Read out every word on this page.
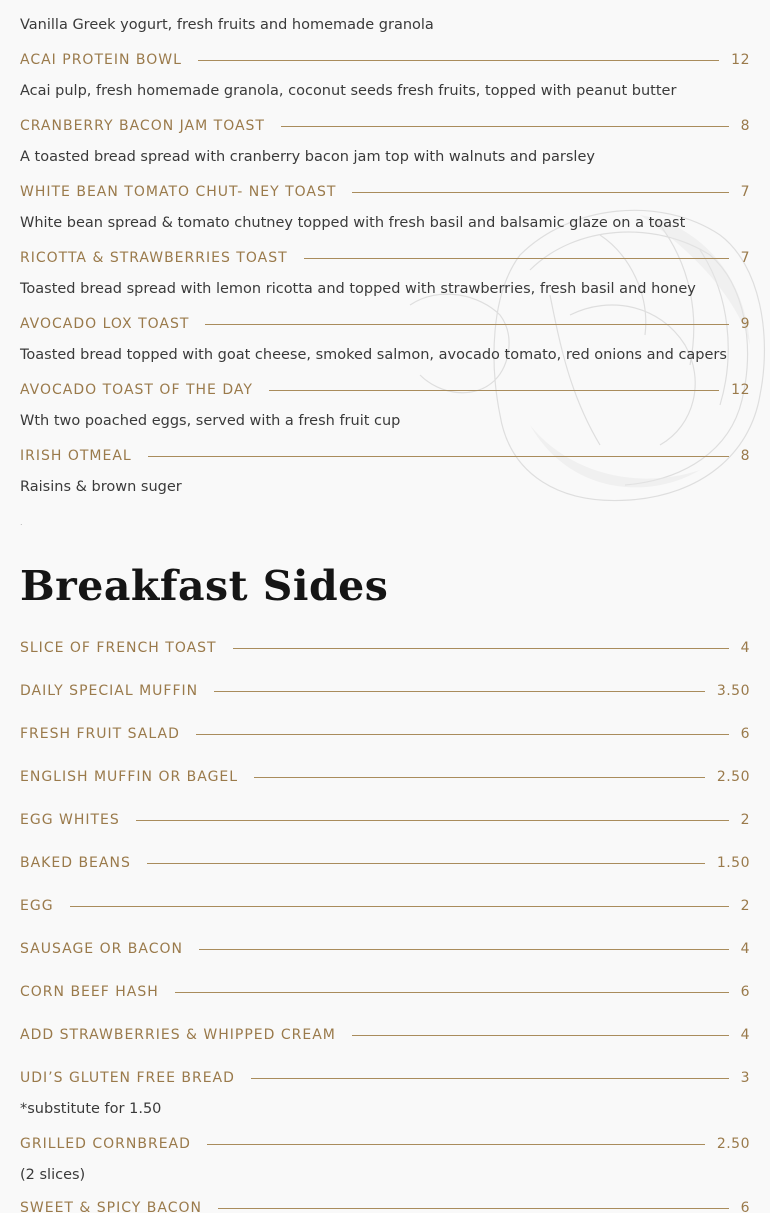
Vanilla Greek yogurt, fresh fruits and homemade granola
ACAI PROTEIN BOWL	12
Acai pulp, fresh homemade granola, coconut seeds fresh fruits, topped with peanut butter
CRANBERRY BACON JAM TOAST	8
A toasted bread spread with cranberry bacon jam top with walnuts and parsley
WHITE BEAN TOMATO CHUT- NEY TOAST	7
White bean spread & tomato chutney topped with fresh basil and balsamic glaze on a toast
RICOTTA & STRAWBERRIES TOAST	7
Toasted bread spread with lemon ricotta and topped with strawberries, fresh basil and honey
AVOCADO LOX TOAST	9
Toasted bread topped with goat cheese, smoked salmon, avocado tomato, red onions and capers
AVOCADO TOAST OF THE DAY	12
Wth two poached eggs, served with a fresh fruit cup
IRISH OTMEAL	8
Raisins & brown suger
.
Breakfast Sides
SLICE OF FRENCH TOAST	4
DAILY SPECIAL MUFFIN	3.50
FRESH FRUIT SALAD	6
ENGLISH MUFFIN OR BAGEL	2.50
EGG WHITES	2
BAKED BEANS	1.50
EGG	2
SAUSAGE OR BACON	4
CORN BEEF HASH	6
ADD STRAWBERRIES & WHIPPED CREAM	4
UDI’S GLUTEN FREE BREAD	3
*substitute for 1.50
GRILLED CORNBREAD	2.50
(2 slices)
SWEET & SPICY BACON	6
